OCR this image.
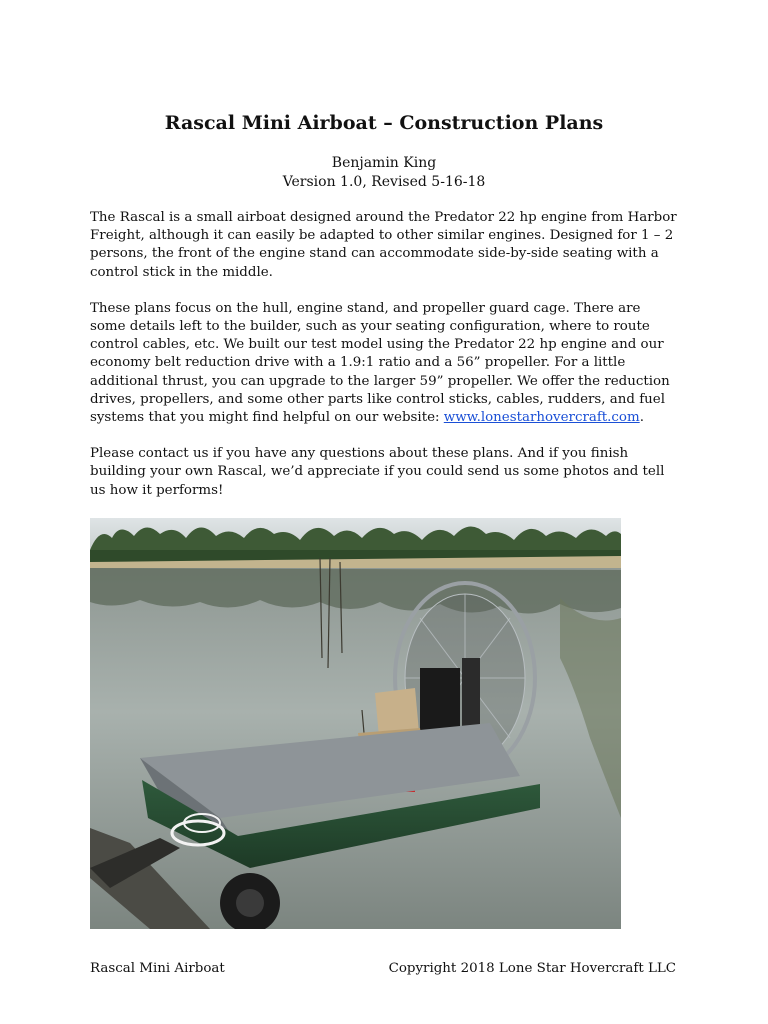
Rascal Mini Airboat – Construction Plans
Benjamin King
Version 1.0, Revised 5-16-18

The Rascal is a small airboat designed around the Predator 22 hp engine from Harbor Freight, although it can easily be adapted to other similar engines. Designed for 1 – 2 persons, the front of the engine stand can accommodate side-by-side seating with a control stick in the middle.

These plans focus on the hull, engine stand, and propeller guard cage. There are some details left to the builder, such as your seating configuration, where to route control cables, etc. We built our test model using the Predator 22 hp engine and our economy belt reduction drive with a 1.9:1 ratio and a 56” propeller. For a little additional thrust, you can upgrade to the larger 59” propeller. We offer the reduction drives, propellers, and some other parts like control sticks, cables, rudders, and fuel systems that you might find helpful on our website: www.lonestarhovercraft.com.

Please contact us if you have any questions about these plans. And if you finish building your own Rascal, we’d appreciate if you could send us some photos and tell us how it performs!

Rascal Mini Airboat	Copyright 2018 Lone Star Hovercraft LLC
